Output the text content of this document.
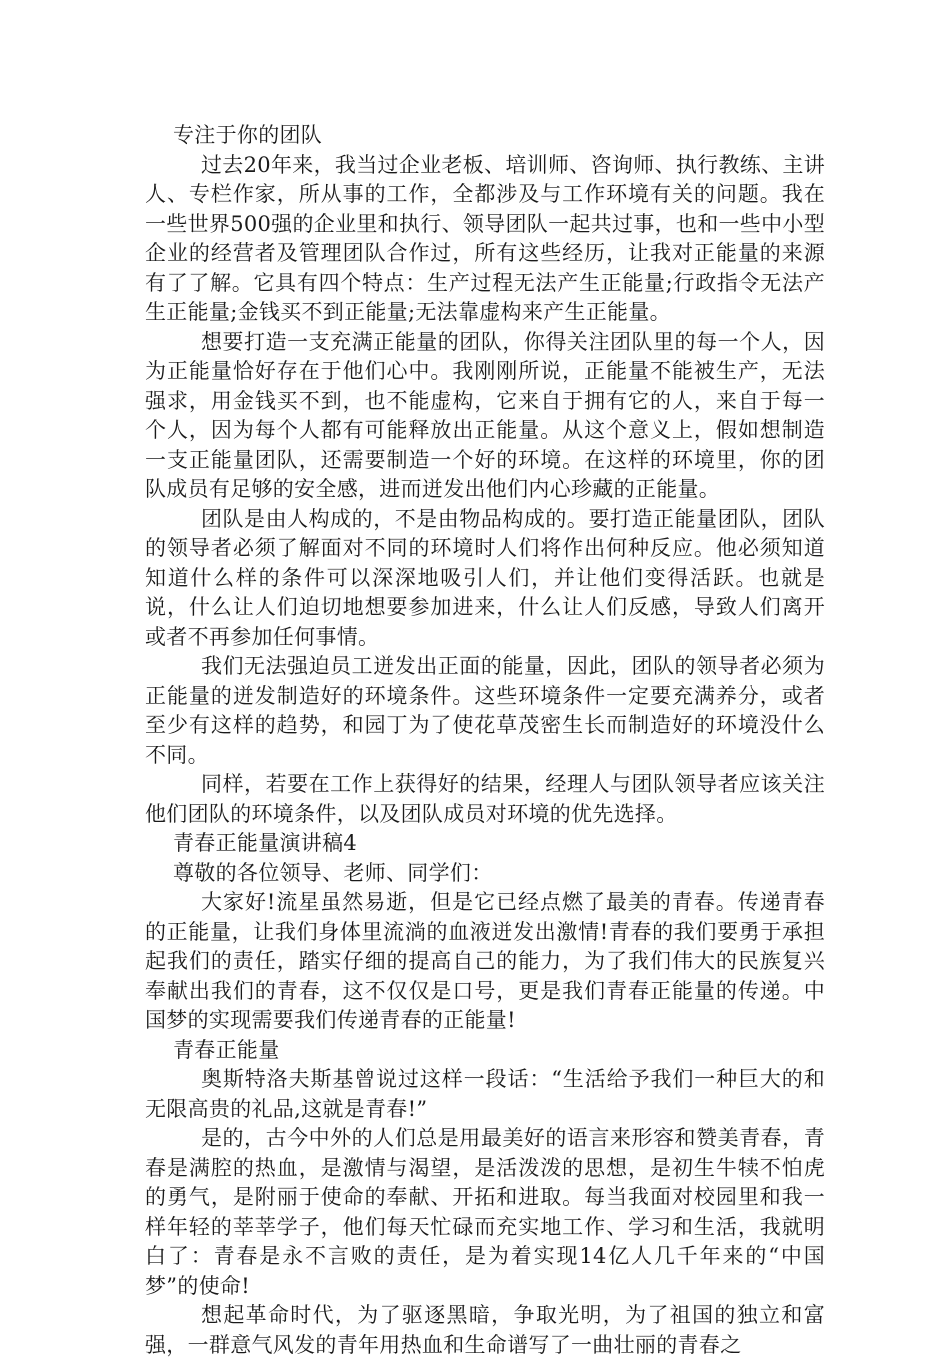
专注于你的团队

过去20年来，我当过企业老板、培训师、咨询师、执行教练、主讲人、专栏作家，所从事的工作，全都涉及与工作环境有关的问题。我在一些世界500强的企业里和执行、领导团队一起共过事，也和一些中小型企业的经营者及管理团队合作过，所有这些经历，让我对正能量的来源有了了解。它具有四个特点：生产过程无法产生正能量;行政指令无法产生正能量;金钱买不到正能量;无法靠虚构来产生正能量。

想要打造一支充满正能量的团队，你得关注团队里的每一个人，因为正能量恰好存在于他们心中。我刚刚所说，正能量不能被生产，无法强求，用金钱买不到，也不能虚构，它来自于拥有它的人，来自于每一个人，因为每个人都有可能释放出正能量。从这个意义上，假如想制造一支正能量团队，还需要制造一个好的环境。在这样的环境里，你的团队成员有足够的安全感，进而迸发出他们内心珍藏的正能量。

团队是由人构成的，不是由物品构成的。要打造正能量团队，团队的领导者必须了解面对不同的环境时人们将作出何种反应。他必须知道知道什么样的条件可以深深地吸引人们，并让他们变得活跃。也就是说，什么让人们迫切地想要参加进来，什么让人们反感，导致人们离开或者不再参加任何事情。

我们无法强迫员工迸发出正面的能量，因此，团队的领导者必须为正能量的迸发制造好的环境条件。这些环境条件一定要充满养分，或者至少有这样的趋势，和园丁为了使花草茂密生长而制造好的环境没什么不同。

同样，若要在工作上获得好的结果，经理人与团队领导者应该关注他们团队的环境条件，以及团队成员对环境的优先选择。

青春正能量演讲稿4

尊敬的各位领导、老师、同学们：

大家好!流星虽然易逝，但是它已经点燃了最美的青春。传递青春的正能量，让我们身体里流淌的血液迸发出激情!青春的我们要勇于承担起我们的责任，踏实仔细的提高自己的能力，为了我们伟大的民族复兴奉献出我们的青春，这不仅仅是口号，更是我们青春正能量的传递。中国梦的实现需要我们传递青春的正能量!

青春正能量

奥斯特洛夫斯基曾说过这样一段话：“生活给予我们一种巨大的和无限高贵的礼品,这就是青春!”

是的，古今中外的人们总是用最美好的语言来形容和赞美青春，青春是满腔的热血，是激情与渴望，是活泼泼的思想，是初生牛犊不怕虎的勇气，是附丽于使命的奉献、开拓和进取。每当我面对校园里和我一样年轻的莘莘学子，他们每天忙碌而充实地工作、学习和生活，我就明白了：青春是永不言败的责任，是为着实现14亿人几千年来的“中国梦”的使命!

想起革命时代，为了驱逐黑暗，争取光明，为了祖国的独立和富强，一群意气风发的青年用热血和生命谱写了一曲壮丽的青春之
